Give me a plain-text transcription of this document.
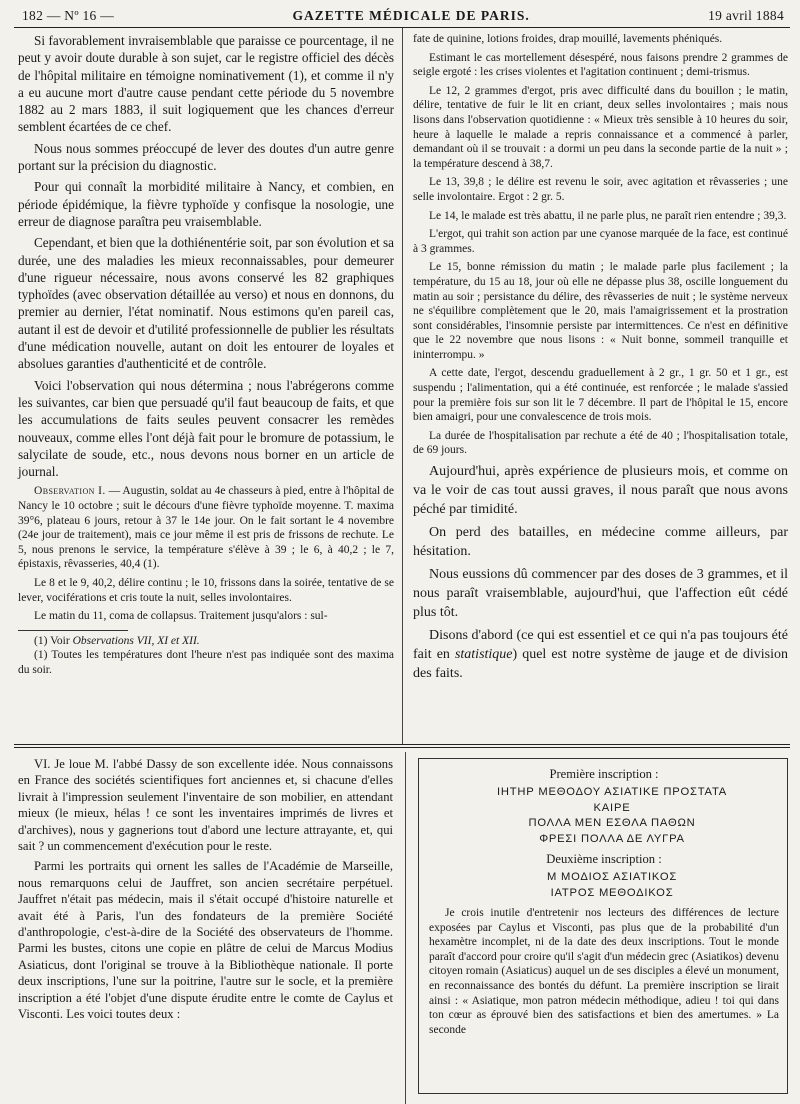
182 — Nº 16 —	GAZETTE MÉDICALE DE PARIS.	19 avril 1884

Si favorablement invraisemblable que paraisse ce pourcentage, il ne peut y avoir doute durable à son sujet, car le registre officiel des décès de l'hôpital militaire en témoigne nominativement (1), et comme il n'y a eu aucune mort d'autre cause pendant cette période du 5 novembre 1882 au 2 mars 1883, il suit logiquement que les chances d'erreur semblent écartées de ce chef.

Nous nous sommes préoccupé de lever des doutes d'un autre genre portant sur la précision du diagnostic.

Pour qui connaît la morbidité militaire à Nancy, et combien, en période épidémique, la fièvre typhoïde y confisque la nosologie, une erreur de diagnose paraîtra peu vraisemblable.

Cependant, et bien que la dothiénentérie soit, par son évolution et sa durée, une des maladies les mieux reconnaissables, pour demeurer d'une rigueur nécessaire, nous avons conservé les 82 graphiques typhoïdes (avec observation détaillée au verso) et nous en donnons, du premier au dernier, l'état nominatif. Nous estimons qu'en pareil cas, autant il est de devoir et d'utilité professionnelle de publier les résultats d'une médication nouvelle, autant on doit les entourer de loyales et absolues garanties d'authenticité et de contrôle.

Voici l'observation qui nous détermina ; nous l'abrégerons comme les suivantes, car bien que persuadé qu'il faut beaucoup de faits, et que les accumulations de faits seules peuvent consacrer les remèdes nouveaux, comme elles l'ont déjà fait pour le bromure de potassium, le salycilate de soude, etc., nous devons nous borner en un article de journal.

Observation I. — Augustin, soldat au 4e chasseurs à pied, entre à l'hôpital de Nancy le 10 octobre ; suit le décours d'une fièvre typhoïde moyenne. T. maxima 39°6, plateau 6 jours, retour à 37 le 14e jour. On le fait sortant le 4 novembre (24e jour de traitement), mais ce jour même il est pris de frissons de rechute. Le 5, nous prenons le service, la température s'élève à 39 ; le 6, à 40,2 ; le 7, épistaxis, rêvasseries, 40,4 (1).

Le 8 et le 9, 40,2, délire continu ; le 10, frissons dans la soirée, tentative de se lever, vociférations et cris toute la nuit, selles involontaires.

Le matin du 11, coma de collapsus. Traitement jusqu'alors : sul-

(1) Voir Observations VII, XI et XII.

(1) Toutes les températures dont l'heure n'est pas indiquée sont des maxima du soir.

fate de quinine, lotions froides, drap mouillé, lavements phéniqués.

Estimant le cas mortellement désespéré, nous faisons prendre 2 grammes de seigle ergoté : les crises violentes et l'agitation continuent ; demi-trismus.

Le 12, 2 grammes d'ergot, pris avec difficulté dans du bouillon ; le matin, délire, tentative de fuir le lit en criant, deux selles involontaires ; mais nous lisons dans l'observation quotidienne : « Mieux très sensible à 10 heures du soir, heure à laquelle le malade a repris connaissance et a commencé à parler, demandant où il se trouvait : a dormi un peu dans la seconde partie de la nuit » ; la température descend à 38,7.

Le 13, 39,8 ; le délire est revenu le soir, avec agitation et rêvasseries ; une selle involontaire. Ergot : 2 gr. 5.

Le 14, le malade est très abattu, il ne parle plus, ne paraît rien entendre ; 39,3.

L'ergot, qui trahit son action par une cyanose marquée de la face, est continué à 3 grammes.

Le 15, bonne rémission du matin ; le malade parle plus facilement ; la température, du 15 au 18, jour où elle ne dépasse plus 38, oscille longuement du matin au soir ; persistance du délire, des rêvasseries de nuit ; le système nerveux ne s'équilibre complètement que le 20, mais l'amaigrissement et la prostration sont considérables, l'insomnie persiste par intermittences. Ce n'est en définitive que le 22 novembre que nous lisons : « Nuit bonne, sommeil tranquille et ininterrompu. »

A cette date, l'ergot, descendu graduellement à 2 gr., 1 gr. 50 et 1 gr., est suspendu ; l'alimentation, qui a été continuée, est renforcée ; le malade s'assied pour la première fois sur son lit le 7 décembre. Il part de l'hôpital le 15, encore bien amaigri, pour une convalescence de trois mois.

La durée de l'hospitalisation par rechute a été de 40 ; l'hospitalisation totale, de 69 jours.

Aujourd'hui, après expérience de plusieurs mois, et comme on va le voir de cas tout aussi graves, il nous paraît que nous avons péché par timidité.

On perd des batailles, en médecine comme ailleurs, par hésitation.

Nous eussions dû commencer par des doses de 3 grammes, et il nous paraît vraisemblable, aujourd'hui, que l'affection eût cédé plus tôt.

Disons d'abord (ce qui est essentiel et ce qui n'a pas toujours été fait en statistique) quel est notre système de jauge et de division des faits.

VI. Je loue M. l'abbé Dassy de son excellente idée. Nous connaissons en France des sociétés scientifiques fort anciennes et, si chacune d'elles livrait à l'impression seulement l'inventaire de son mobilier, en attendant mieux (le mieux, hélas ! ce sont les inventaires imprimés de livres et d'archives), nous y gagnerions tout d'abord une lecture attrayante, et, qui sait ? un commencement d'exécution pour le reste.

Parmi les portraits qui ornent les salles de l'Académie de Marseille, nous remarquons celui de Jauffret, son ancien secrétaire perpétuel. Jauffret n'était pas médecin, mais il s'était occupé d'histoire naturelle et avait été à Paris, l'un des fondateurs de la première Société d'anthropologie, c'est-à-dire de la Société des observateurs de l'homme. Parmi les bustes, citons une copie en plâtre de celui de Marcus Modius Asiaticus, dont l'original se trouve à la Bibliothèque nationale. Il porte deux inscriptions, l'une sur la poitrine, l'autre sur le socle, et la première inscription a été l'objet d'une dispute érudite entre le comte de Caylus et Visconti. Les voici toutes deux :

Première inscription :

ІНТНР ΜΕΘΟΔΟΥ ΑΣΙΑΤΙΚΕ ΠΡΟΣΤΑΤΑ

ΚΑΙΡΕ

ΠΟΛΛΑ ΜΕΝ ΕΣΘΛΑ ΠΑΘΩΝ

ΦΡΕΣΙ ΠΟΛΛΑ ΔΕ ΛΥΓΡΑ

Deuxième inscription :

Μ ΜΟΔΙΟΣ ΑΣΙΑΤΙΚΟΣ

ΙΑΤΡΟΣ ΜΕΘΟΔΙΚΟΣ

Je crois inutile d'entretenir nos lecteurs des différences de lecture exposées par Caylus et Visconti, pas plus que de la probabilité d'un hexamètre incomplet, ni de la date des deux inscriptions. Tout le monde paraît d'accord pour croire qu'il s'agit d'un médecin grec (Asiatikos) devenu citoyen romain (Asiaticus) auquel un de ses disciples a élevé un monument, en reconnaissance des bontés du défunt. La première inscription se lirait ainsi : « Asiatique, mon patron médecin méthodique, adieu ! toi qui dans ton cœur as éprouvé bien des satisfactions et bien des amertumes. » La seconde
